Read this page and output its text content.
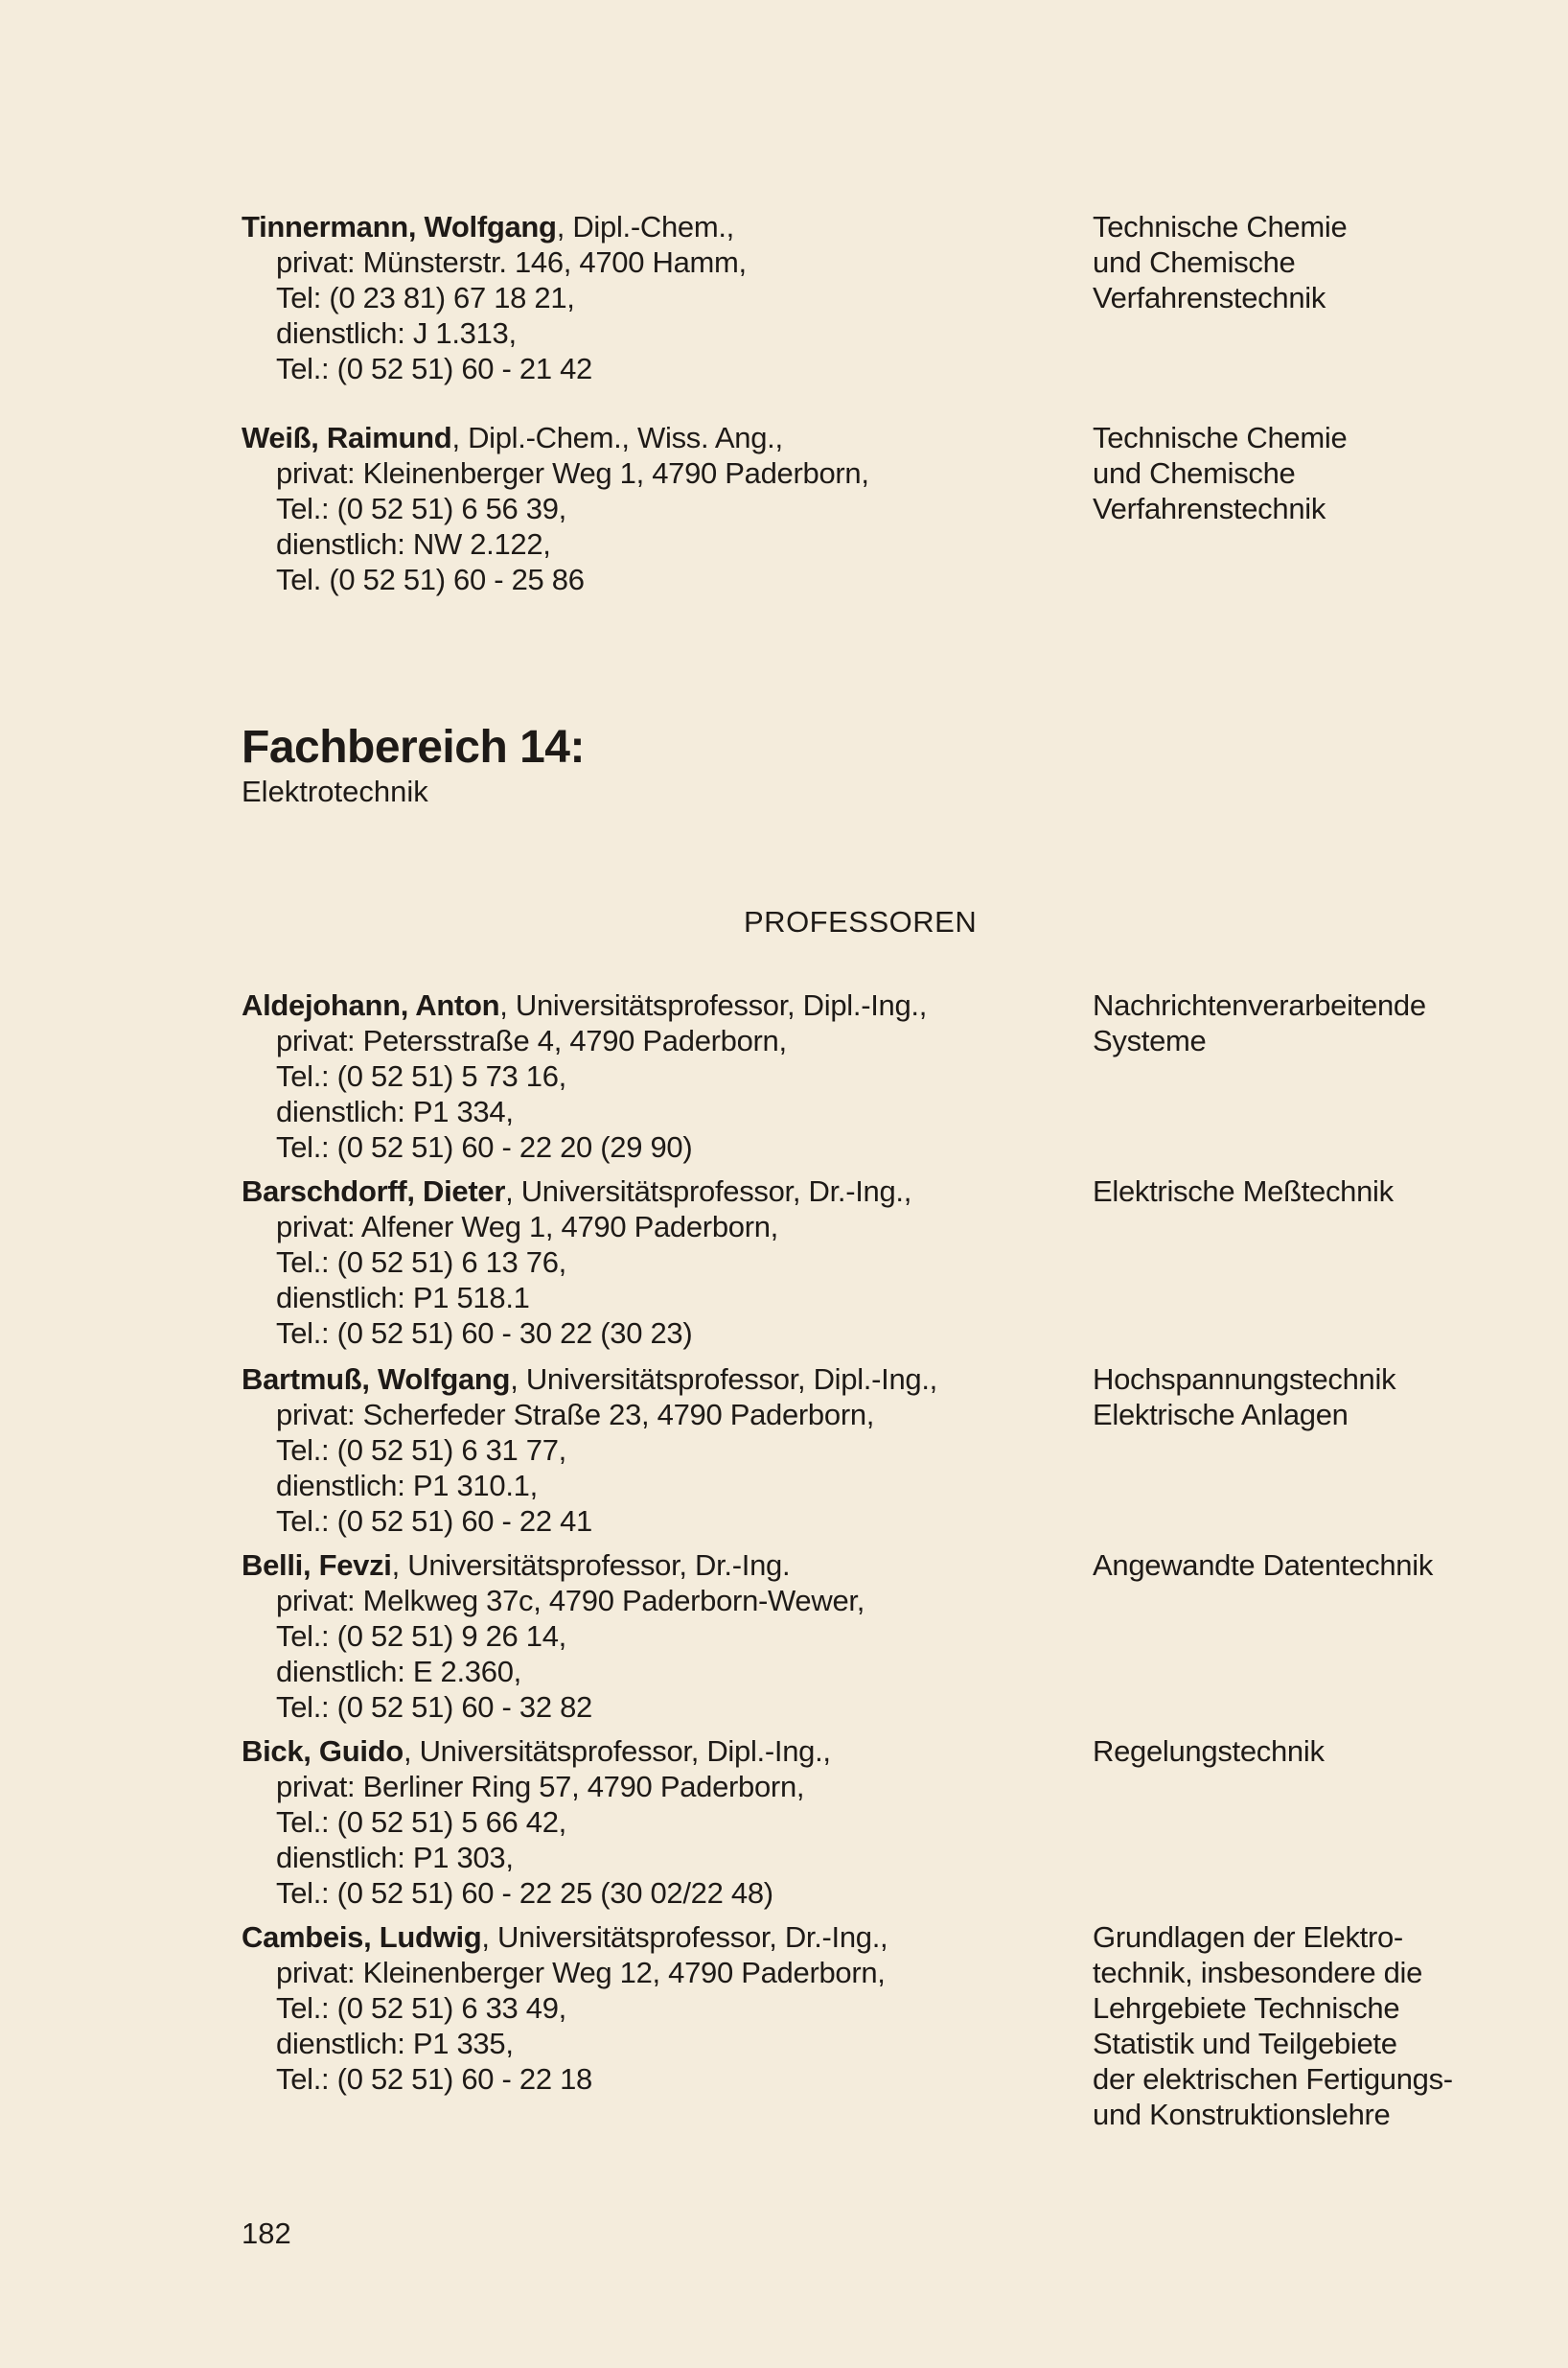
Tinnermann, Wolfgang, Dipl.-Chem.,
privat: Münsterstr. 146, 4700 Hamm,
Tel: (0 23 81) 67 18 21,
dienstlich: J 1.313,
Tel.: (0 52 51) 60 - 21 42
Technische Chemie
und Chemische
Verfahrenstechnik
Weiß, Raimund, Dipl.-Chem., Wiss. Ang.,
privat: Kleinenberger Weg 1, 4790 Paderborn,
Tel.: (0 52 51) 6 56 39,
dienstlich: NW 2.122,
Tel. (0 52 51) 60 - 25 86
Technische Chemie
und Chemische
Verfahrenstechnik
Fachbereich 14:
Elektrotechnik
PROFESSOREN
Aldejohann, Anton, Universitätsprofessor, Dipl.-Ing.,
privat: Petersstraße 4, 4790 Paderborn,
Tel.: (0 52 51) 5 73 16,
dienstlich: P1 334,
Tel.: (0 52 51) 60 - 22 20 (29 90)
Nachrichtenverarbeitende
Systeme
Barschdorff, Dieter, Universitätsprofessor, Dr.-Ing.,
privat: Alfener Weg 1, 4790 Paderborn,
Tel.: (0 52 51) 6 13 76,
dienstlich: P1 518.1
Tel.: (0 52 51) 60 - 30 22 (30 23)
Elektrische Meßtechnik
Bartmuß, Wolfgang, Universitätsprofessor, Dipl.-Ing.,
privat: Scherfeder Straße 23, 4790 Paderborn,
Tel.: (0 52 51) 6 31 77,
dienstlich: P1 310.1,
Tel.: (0 52 51) 60 - 22 41
Hochspannungstechnik
Elektrische Anlagen
Belli, Fevzi, Universitätsprofessor, Dr.-Ing.
privat: Melkweg 37c, 4790 Paderborn-Wewer,
Tel.: (0 52 51) 9 26 14,
dienstlich: E 2.360,
Tel.: (0 52 51) 60 - 32 82
Angewandte Datentechnik
Bick, Guido, Universitätsprofessor, Dipl.-Ing.,
privat: Berliner Ring 57, 4790 Paderborn,
Tel.: (0 52 51) 5 66 42,
dienstlich: P1 303,
Tel.: (0 52 51) 60 - 22 25 (30 02/22 48)
Regelungstechnik
Cambeis, Ludwig, Universitätsprofessor, Dr.-Ing.,
privat: Kleinenberger Weg 12, 4790 Paderborn,
Tel.: (0 52 51) 6 33 49,
dienstlich: P1 335,
Tel.: (0 52 51) 60 - 22 18
Grundlagen der Elektro-
technik, insbesondere die
Lehrgebiete Technische
Statistik und Teilgebiete
der elektrischen Fertigungs-
und Konstruktionslehre
182
